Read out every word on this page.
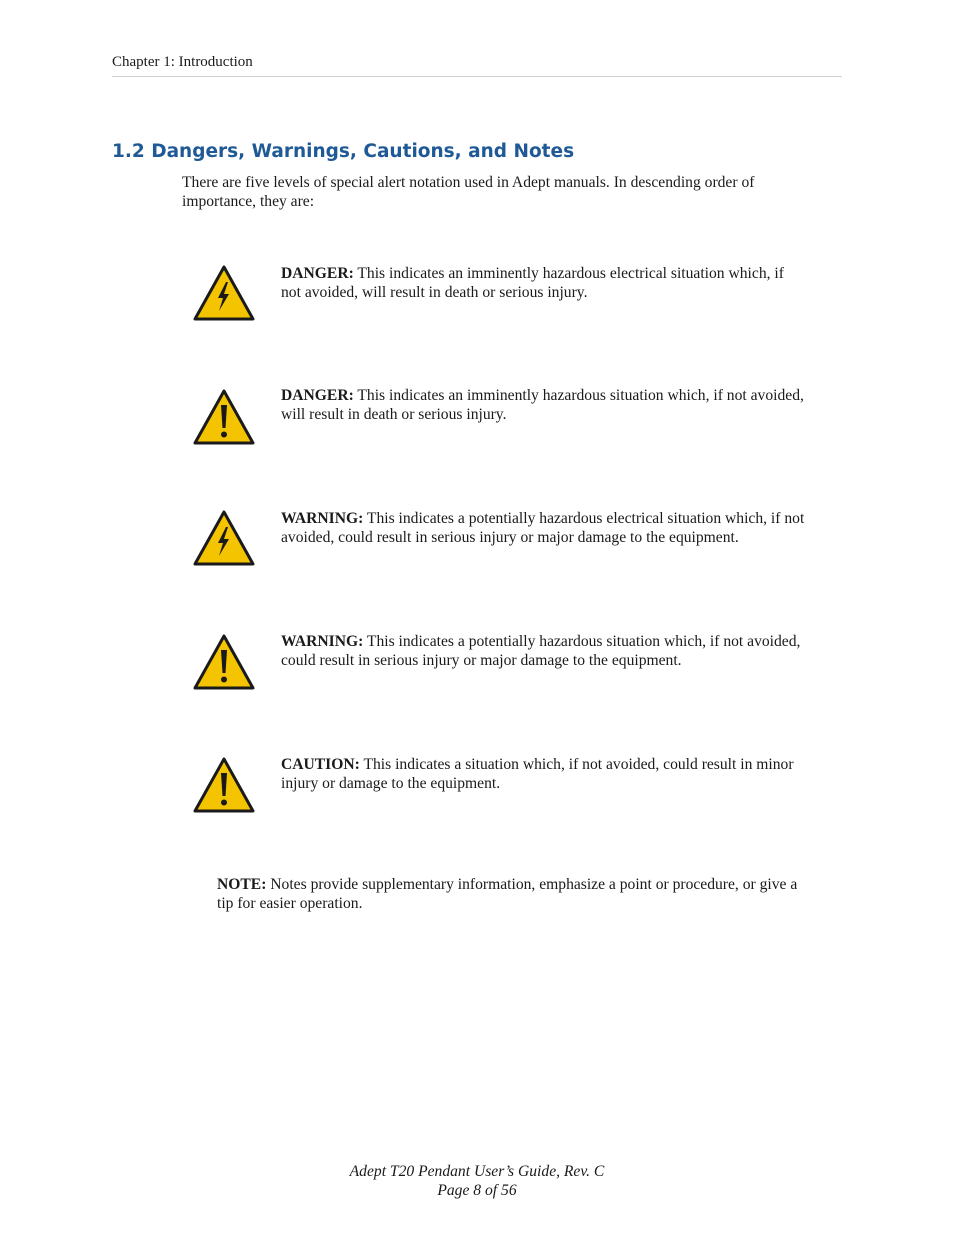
Chapter 1: Introduction
1.2 Dangers, Warnings, Cautions, and Notes

There are five levels of special alert notation used in Adept manuals. In descending order of importance, they are:

DANGER: This indicates an imminently hazardous electrical situation which, if not avoided, will result in death or serious injury.

DANGER: This indicates an imminently hazardous situation which, if not avoided, will result in death or serious injury.

WARNING: This indicates a potentially hazardous electrical situation which, if not avoided, could result in serious injury or major damage to the equipment.

WARNING: This indicates a potentially hazardous situation which, if not avoided, could result in serious injury or major damage to the equipment.

CAUTION: This indicates a situation which, if not avoided, could result in minor injury or damage to the equipment.

NOTE: Notes provide supplementary information, emphasize a point or procedure, or give a tip for easier operation.

Adept T20 Pendant User’s Guide, Rev. C
Page 8 of 56
